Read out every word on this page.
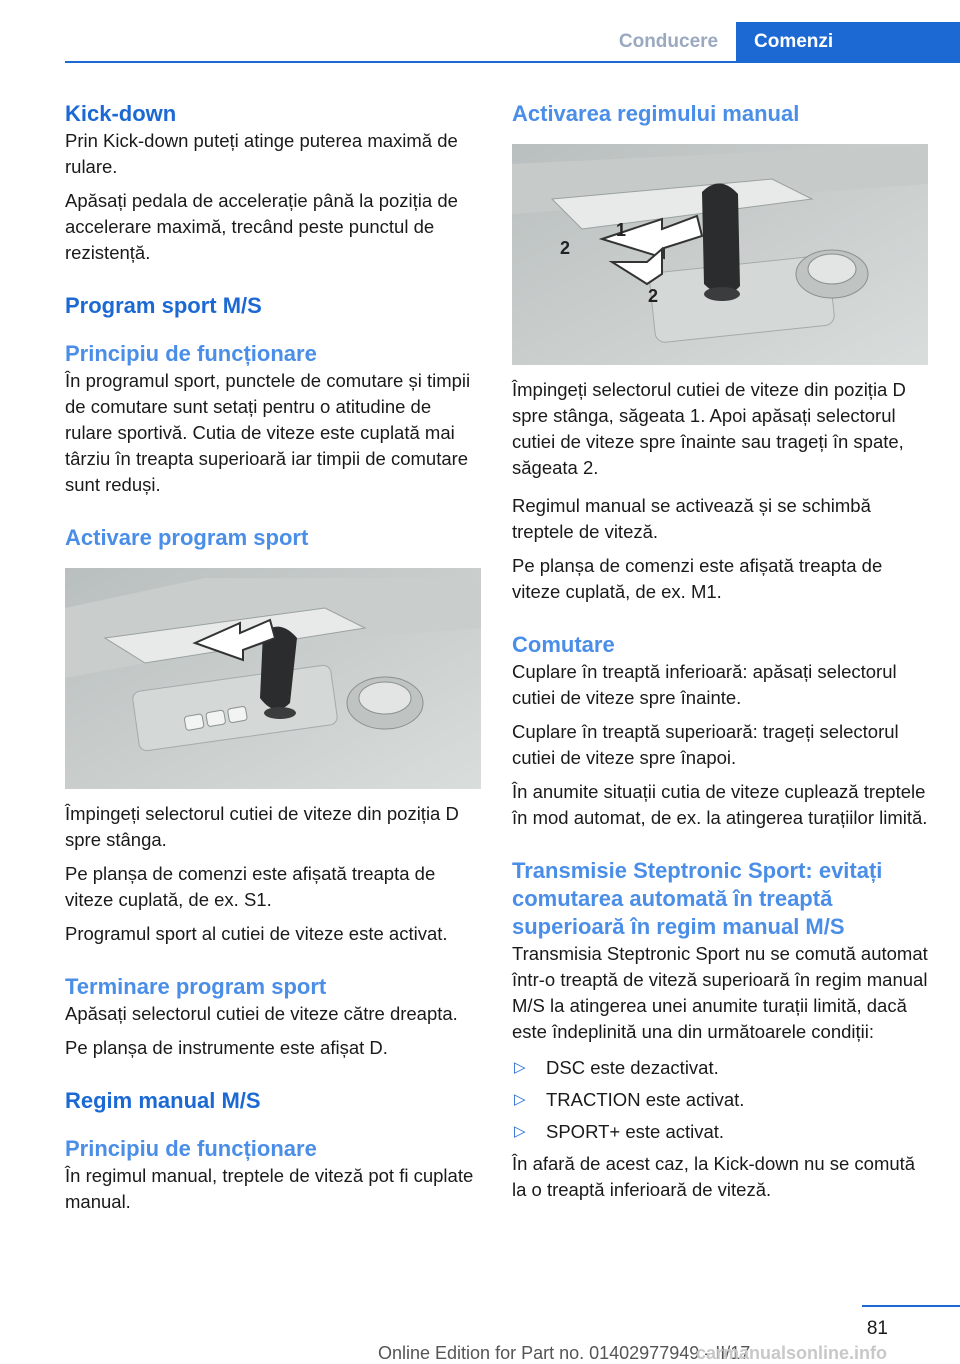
Conducere	Comenzi
Kick-down

Prin Kick-down puteți atinge puterea maximă de rulare.

Apăsați pedala de accelerație până la poziția de accelerare maximă, trecând peste punctul de rezistență.

Program sport M/S
Principiu de funcționare

În programul sport, punctele de comutare și timpii de comutare sunt setați pentru o atitudine de rulare sportivă. Cutia de viteze este cuplată mai târziu în treapta superioară iar timpii de comutare sunt reduși.

Activare program sport

Împingeți selectorul cutiei de viteze din poziția D spre stânga.

Pe planșa de comenzi este afișată treapta de viteze cuplată, de ex. S1.

Programul sport al cutiei de viteze este activat.

Terminare program sport

Apăsați selectorul cutiei de viteze către dreapta.

Pe planșa de instrumente este afișat D.

Regim manual M/S
Principiu de funcționare

În regimul manual, treptele de viteză pot fi cuplate manual.

Activarea regimului manual
1
2
2

Împingeți selectorul cutiei de viteze din poziția D spre stânga, săgeata 1. Apoi apăsați selectorul cutiei de viteze spre înainte sau trageți în spate, săgeata 2.

Regimul manual se activează și se schimbă treptele de viteză.

Pe planșa de comenzi este afișată treapta de viteze cuplată, de ex. M1.

Comutare

Cuplare în treaptă inferioară: apăsați selectorul cutiei de viteze spre înainte.

Cuplare în treaptă superioară: trageți selectorul cutiei de viteze spre înapoi.

În anumite situații cutia de viteze cuplează treptele în mod automat, de ex. la atingerea turațiilor limită.

Transmisie Steptronic Sport: evitați comutarea automată în treaptă superioară în regim manual M/S

Transmisia Steptronic Sport nu se comută automat într-o treaptă de viteză superioară în regim manual M/S la atingerea unei anumite turații limită, dacă este îndeplinită una din următoarele condiții:

▷ DSC este dezactivat.
▷ TRACTION este activat.
▷ SPORT+ este activat.

În afară de acest caz, la Kick-down nu se comută la o treaptă inferioară de viteză.

81
Online Edition for Part no. 01402977949 - II/17
carmanualsonline.info
